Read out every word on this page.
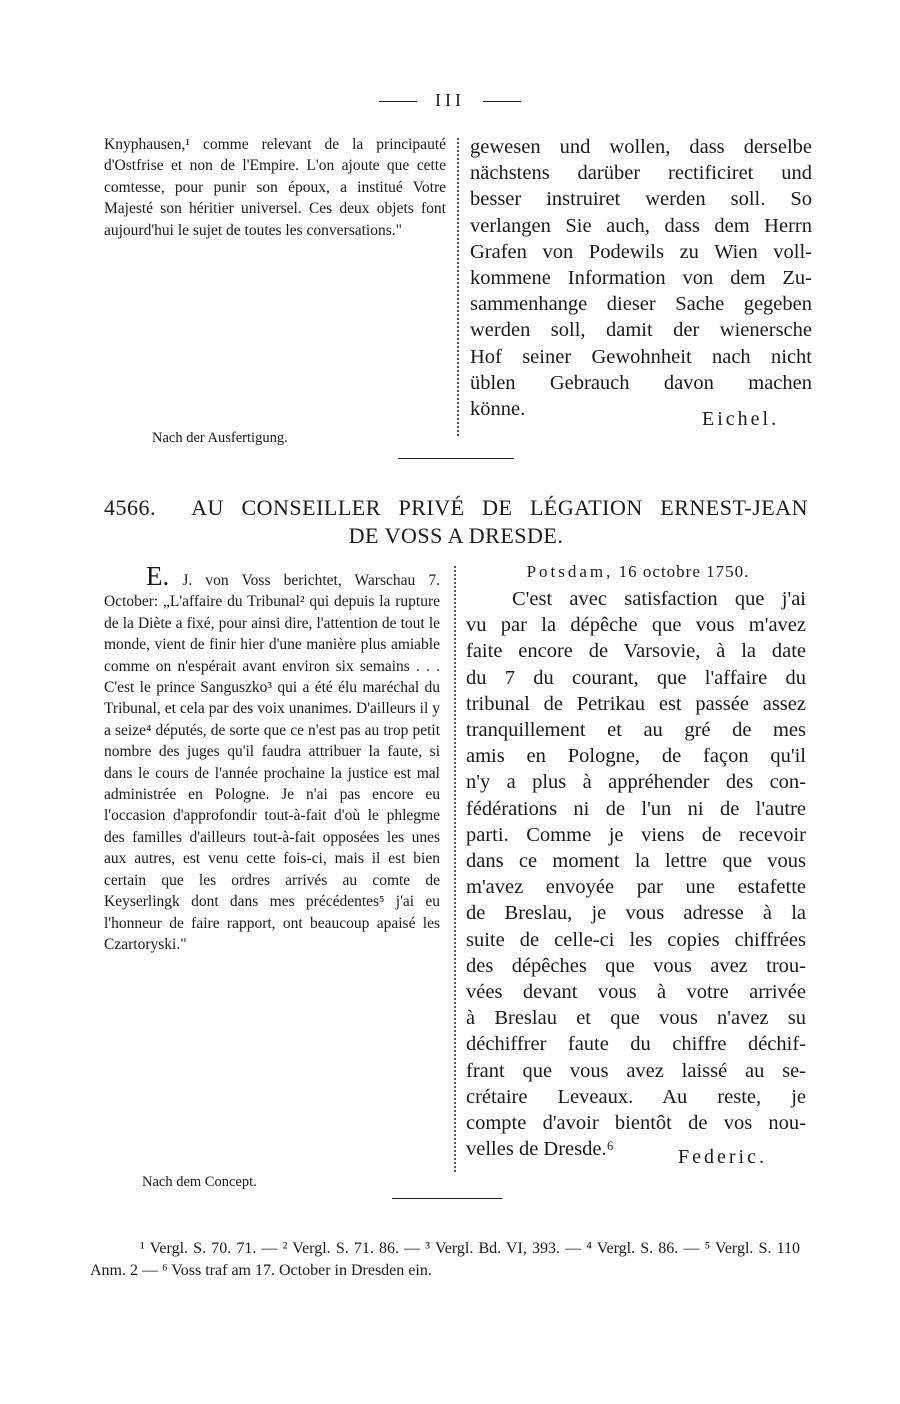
III

Knyphausen,¹ comme relevant de la principauté d'Ostfrise et non de l'Empire. L'on ajoute que cette comtesse, pour punir son époux, a institué Votre Majesté son héritier universel. Ces deux objets font aujourd'hui le sujet de toutes les conversations."

gewesen und wollen, dass derselbe

nächstens darüber rectificiret und

besser instruiret werden soll. So

verlangen Sie auch, dass dem Herrn

Grafen von Podewils zu Wien voll-

kommene Information von dem Zu-

sammenhange dieser Sache gegeben

werden soll, damit der wienersche

Hof seiner Gewohnheit nach nicht

üblen Gebrauch davon machen

könne.	Eichel.
Nach der Ausfertigung.
4566. AU CONSEILLER PRIVÉ DE LÉGATION ERNEST-JEAN
DE VOSS A DRESDE.

E. J. von Voss berichtet, Warschau 7. October: „L'affaire du Tribunal² qui depuis la rupture de la Diète a fixé, pour ainsi dire, l'attention de tout le monde, vient de finir hier d'une manière plus amiable comme on n'espérait avant environ six semains . . . C'est le prince Sanguszko³ qui a été élu maréchal du Tribunal, et cela par des voix unanimes. D'ailleurs il y a seize⁴ députés, de sorte que ce n'est pas au trop petit nombre des juges qu'il faudra attribuer la faute, si dans le cours de l'année prochaine la justice est mal administrée en Pologne. Je n'ai pas encore eu l'occasion d'approfondir tout-à-fait d'où le phlegme des familles d'ailleurs tout-à-fait opposées les unes aux autres, est venu cette fois-ci, mais il est bien certain que les ordres arrivés au comte de Keyserlingk dont dans mes précédentes⁵ j'ai eu l'honneur de faire rapport, ont beaucoup apaisé les Czartoryski."

Potsdam, 16 octobre 1750.

C'est avec satisfaction que j'ai

vu par la dépêche que vous m'avez

faite encore de Varsovie, à la date

du 7 du courant, que l'affaire du

tribunal de Petrikau est passée assez

tranquillement et au gré de mes

amis en Pologne, de façon qu'il

n'y a plus à appréhender des con-

fédérations ni de l'un ni de l'autre

parti. Comme je viens de recevoir

dans ce moment la lettre que vous

m'avez envoyée par une estafette

de Breslau, je vous adresse à la

suite de celle-ci les copies chiffrées

des dépêches que vous avez trou-

vées devant vous à votre arrivée

à Breslau et que vous n'avez su

déchiffrer faute du chiffre déchif-

frant que vous avez laissé au se-

crétaire Leveaux. Au reste, je

compte d'avoir bientôt de vos nou-

velles de Dresde.⁶	Federic.
Nach dem Concept.

¹ Vergl. S. 70. 71. — ² Vergl. S. 71. 86. — ³ Vergl. Bd. VI, 393. — ⁴ Vergl. S. 86. — ⁵ Vergl. S. 110 Anm. 2 — ⁶ Voss traf am 17. October in Dresden ein.
